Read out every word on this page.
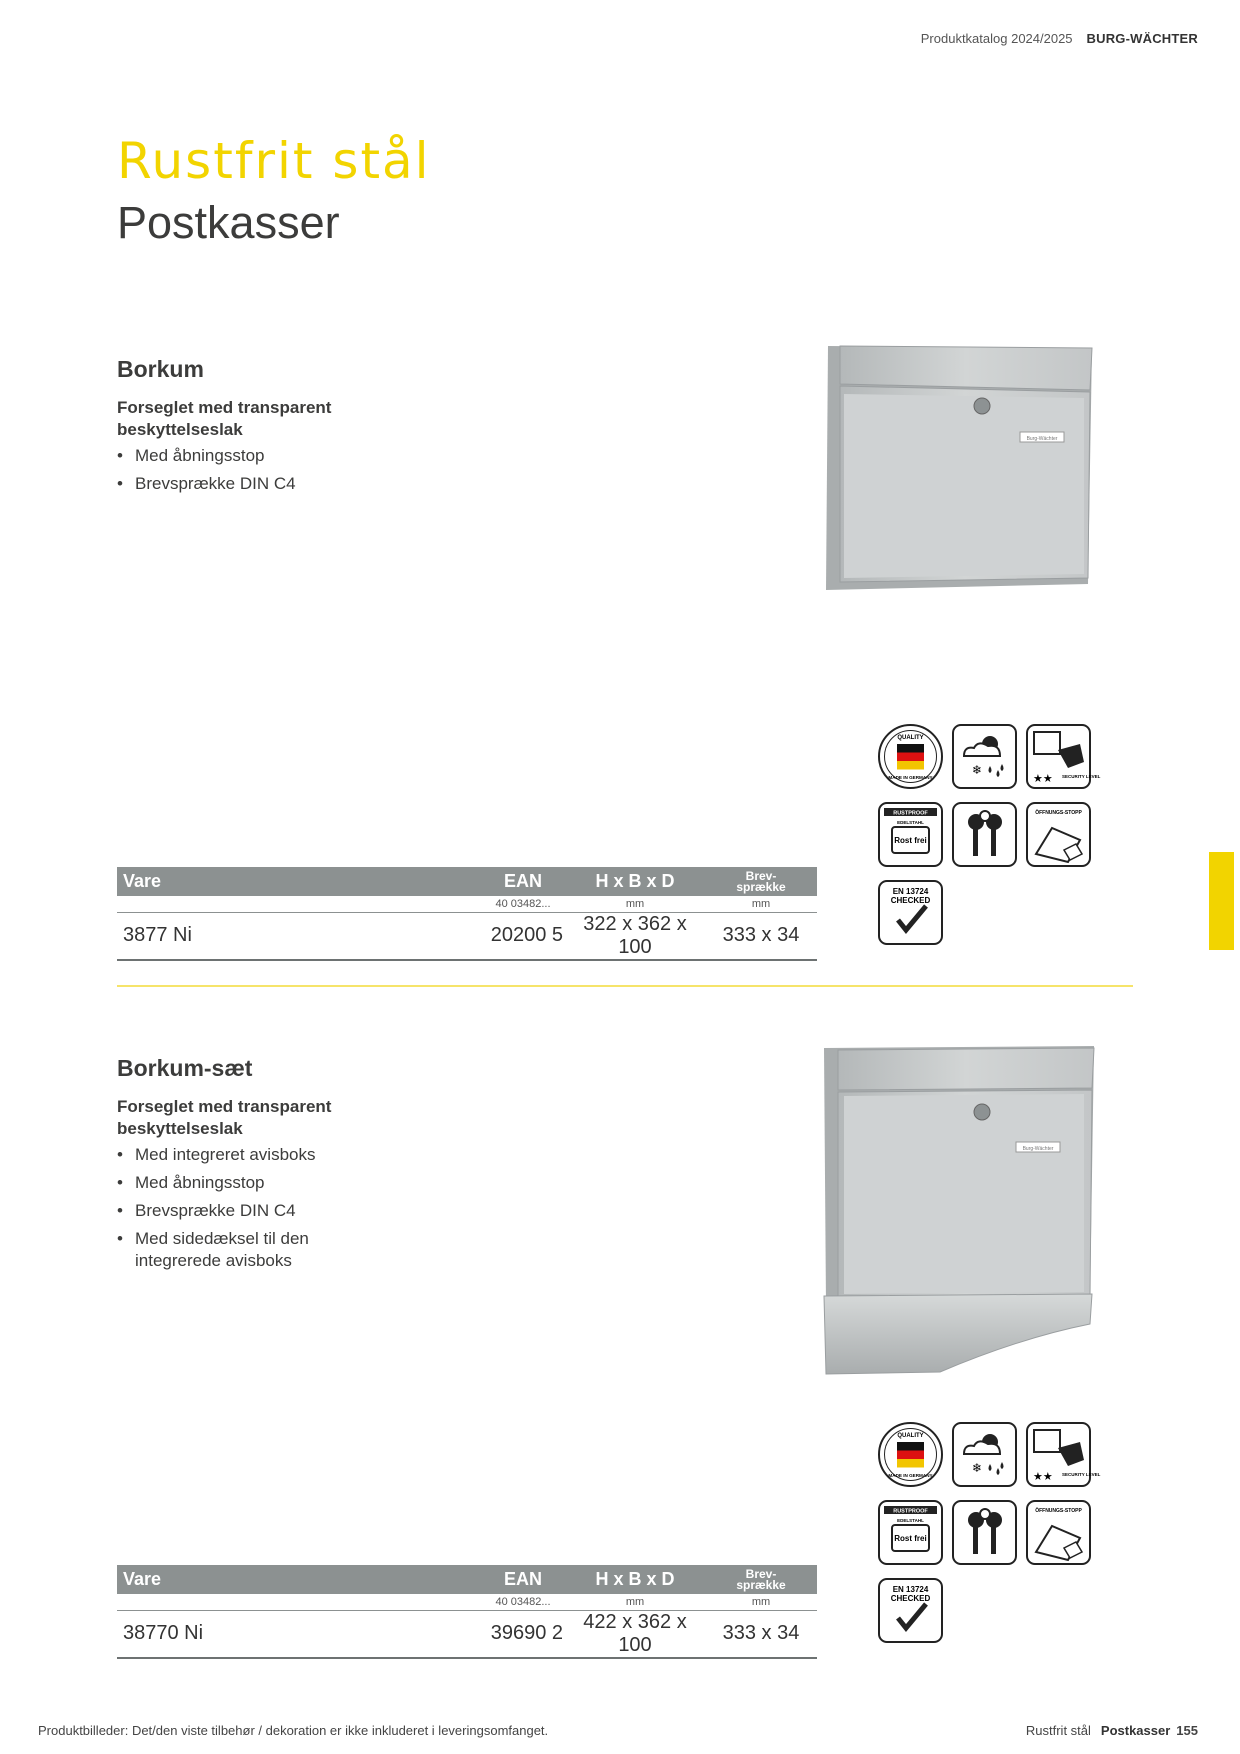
Produktkatalog 2024/2025 BURG-WÄCHTER
Rustfrit stål
Postkasser
Borkum
Forseglet med transparent beskyttelseslak
• Med åbningsstop
• Brevsprække DIN C4
Burg-Wächter
QUALITY
MADE IN GERMANY
❄
★★ SECURITY LEVEL
RUSTPROOF
EDELSTAHL
Rost frei
ÖFFNUNGS-STOPP
EN 13724
CHECKED
Vare	EAN	H x B x D	Brev-
sprække
	40 03482...	mm	mm
3877 Ni	20200 5	322 x 362 x 100	333 x 34
Borkum-sæt
Forseglet med transparent beskyttelseslak
• Med integreret avisboks
• Med åbningsstop
• Brevsprække DIN C4
• Med sidedæksel til den integrerede avisboks
Burg-Wächter
QUALITY
MADE IN GERMANY
❄
★★ SECURITY LEVEL
RUSTPROOF
EDELSTAHL
Rost frei
ÖFFNUNGS-STOPP
EN 13724
CHECKED
Vare	EAN	H x B x D	Brev-
sprække
	40 03482...	mm	mm
38770 Ni	39690 2	422 x 362 x 100	333 x 34
Produktbilleder: Det/den viste tilbehør / dekoration er ikke inkluderet i leveringsomfanget.	Rustfrit stål Postkasser 155
